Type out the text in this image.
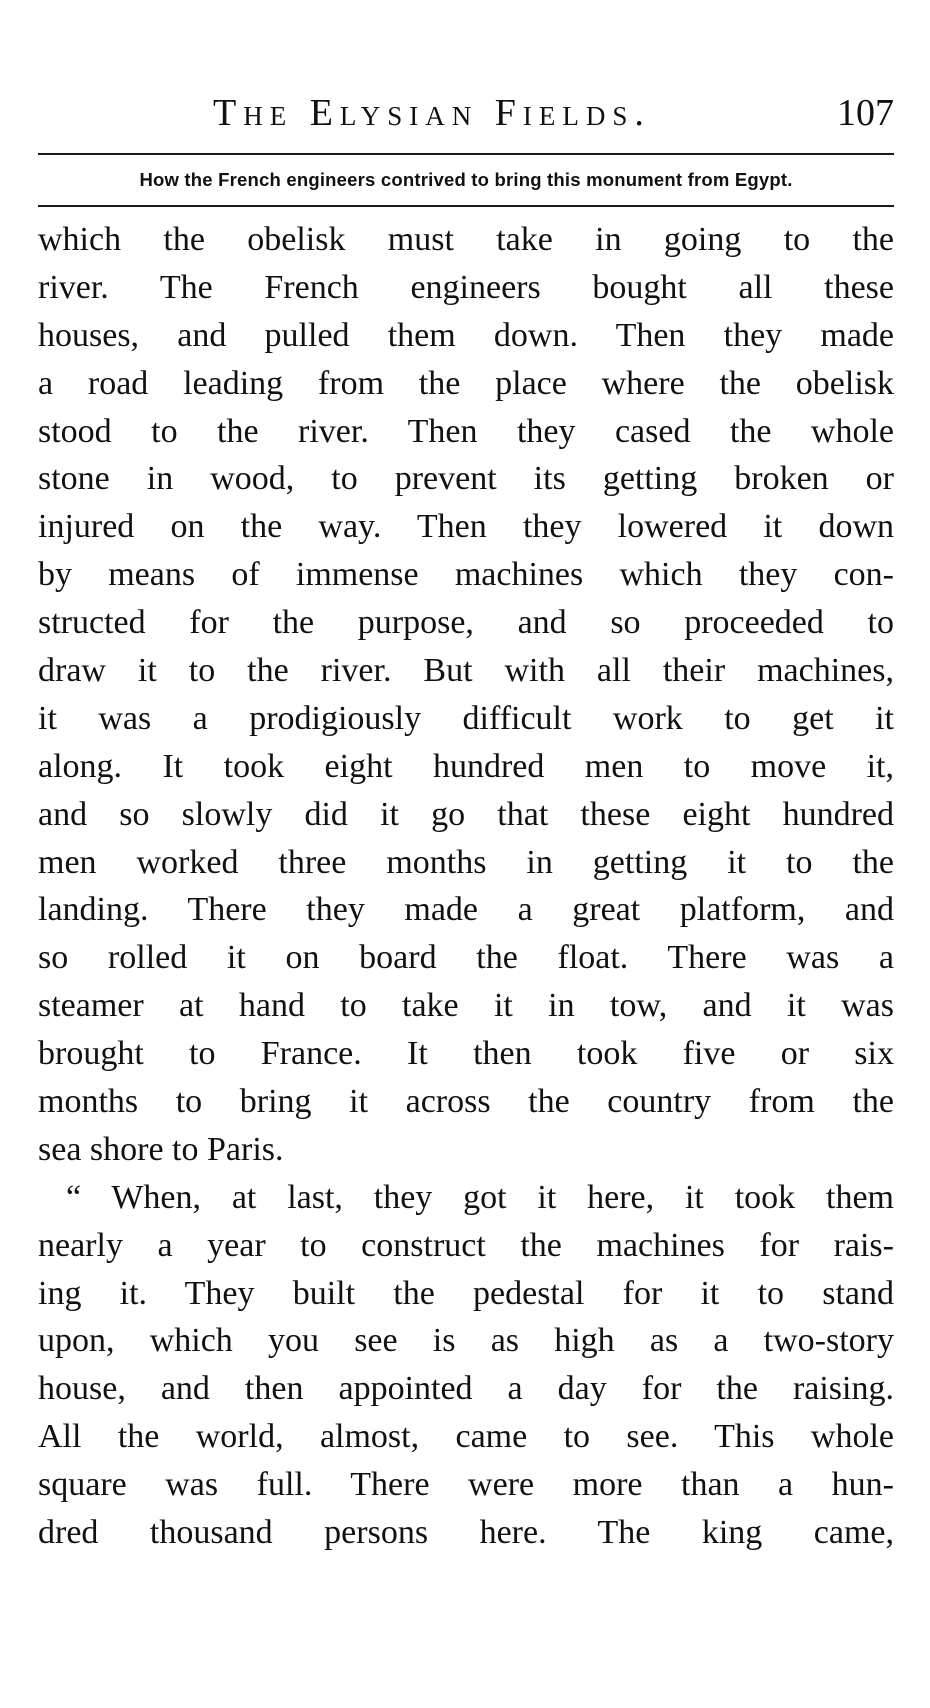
The Elysian Fields.	107
How the French engineers contrived to bring this monument from Egypt.
which the obelisk must take in going to the
river. The French engineers bought all these
houses, and pulled them down. Then they made
a road leading from the place where the obelisk
stood to the river. Then they cased the whole
stone in wood, to prevent its getting broken or
injured on the way. Then they lowered it down
by means of immense machines which they con-
structed for the purpose, and so proceeded to
draw it to the river. But with all their machines,
it was a prodigiously difficult work to get it
along. It took eight hundred men to move it,
and so slowly did it go that these eight hundred
men worked three months in getting it to the
landing. There they made a great platform, and
so rolled it on board the float. There was a
steamer at hand to take it in tow, and it was
brought to France. It then took five or six
months to bring it across the country from the
sea shore to Paris.
“ When, at last, they got it here, it took them
nearly a year to construct the machines for rais-
ing it. They built the pedestal for it to stand
upon, which you see is as high as a two-story
house, and then appointed a day for the raising.
All the world, almost, came to see. This whole
square was full. There were more than a hun-
dred thousand persons here. The king came,
